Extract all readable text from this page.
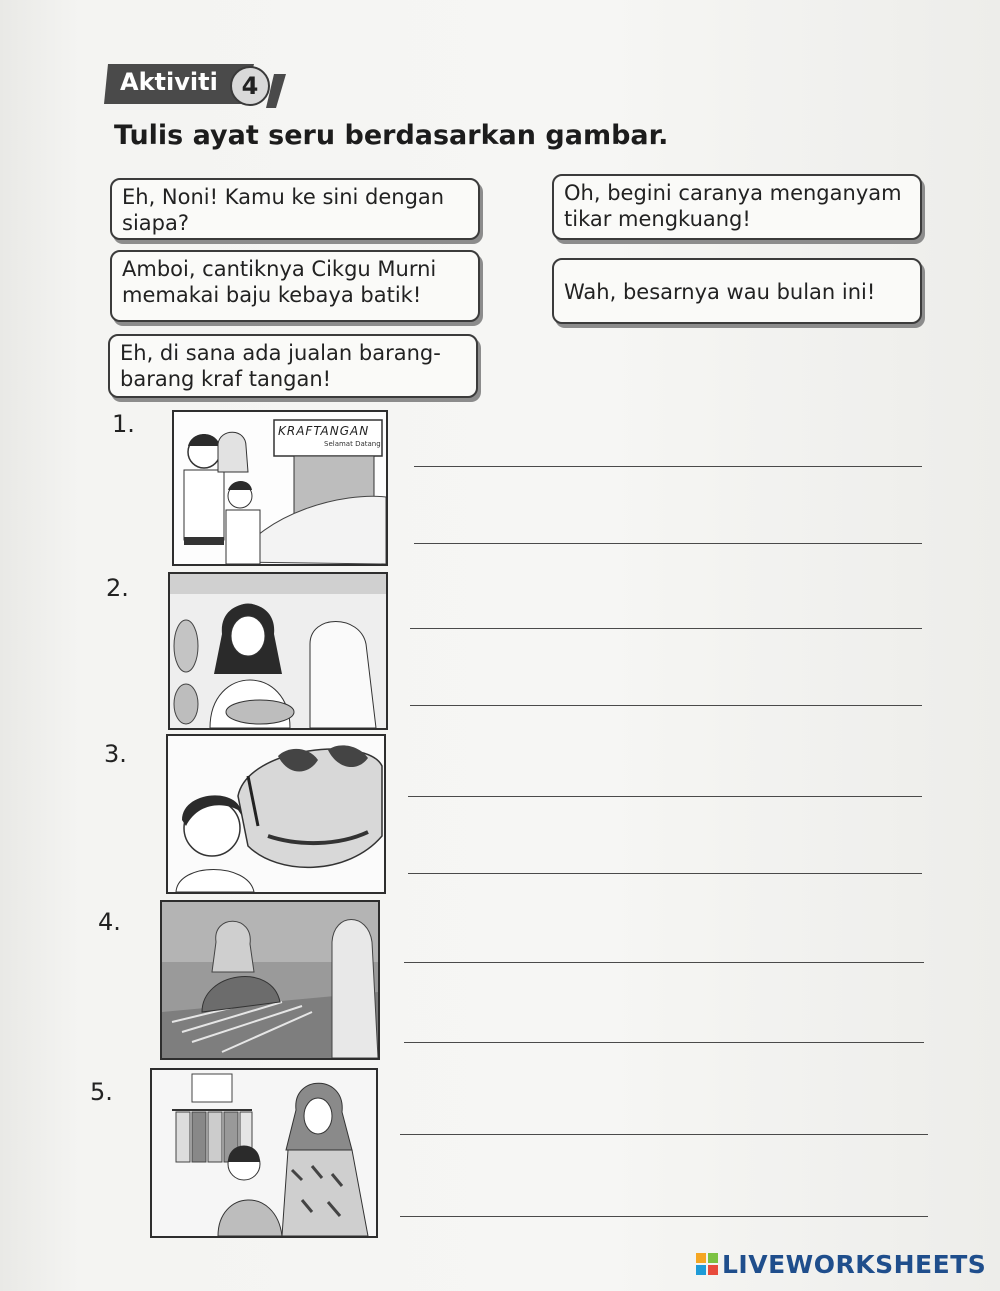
Aktiviti 4
Tulis ayat seru berdasarkan gambar.
Eh, Noni! Kamu ke sini dengan siapa?
Oh, begini caranya menganyam tikar mengkuang!
Amboi, cantiknya Cikgu Murni memakai baju kebaya batik!	Wah, besarnya wau bulan ini!
Eh, di sana ada jualan barang-barang kraf tangan!
1.	KRAFTANGAN
Selamat Datang
2.
3.
4.
5.
LIVEWORKSHEETS
